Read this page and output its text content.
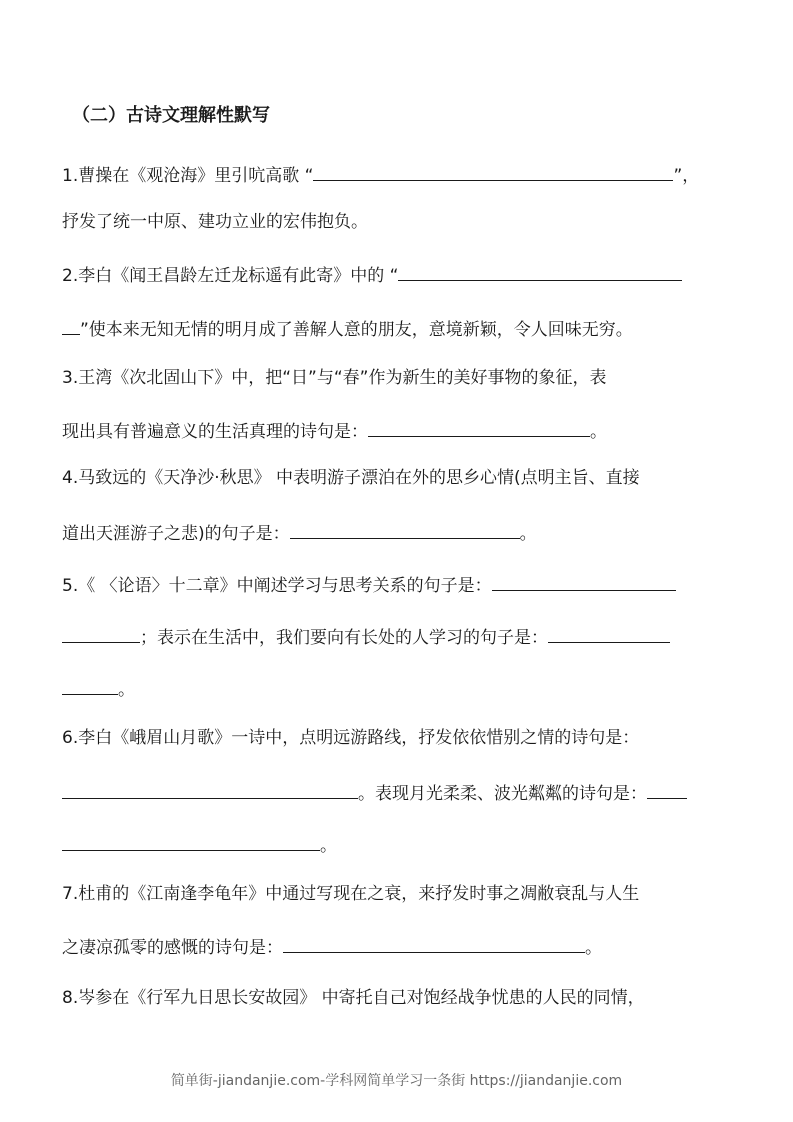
（二）古诗文理解性默写
1.曹操在《观沧海》里引吭高歌 “	”，
抒发了统一中原、建功立业的宏伟抱负。
2.李白《闻王昌龄左迁龙标遥有此寄》中的 “
”使本来无知无情的明月成了善解人意的朋友，意境新颖，令人回味无穷。
3.王湾《次北固山下》中，把“日”与“春”作为新生的美好事物的象征，表
现出具有普遍意义的生活真理的诗句是：	。
4.马致远的《天净沙·秋思》 中表明游子漂泊在外的思乡心情(点明主旨、直接
道出天涯游子之悲)的句子是：	。
5.《 〈论语〉十二章》中阐述学习与思考关系的句子是：
；表示在生活中，我们要向有长处的人学习的句子是：
。
6.李白《峨眉山月歌》一诗中，点明远游路线，抒发依依惜别之情的诗句是：
。表现月光柔柔、波光粼粼的诗句是：
。
7.杜甫的《江南逢李龟年》中通过写现在之衰，来抒发时事之凋敝衰乱与人生
之凄凉孤零的感慨的诗句是：	。
8.岑参在《行军九日思长安故园》 中寄托自己对饱经战争忧患的人民的同情，
简单街-jiandanjie.com-学科网简单学习一条街 https://jiandanjie.com
